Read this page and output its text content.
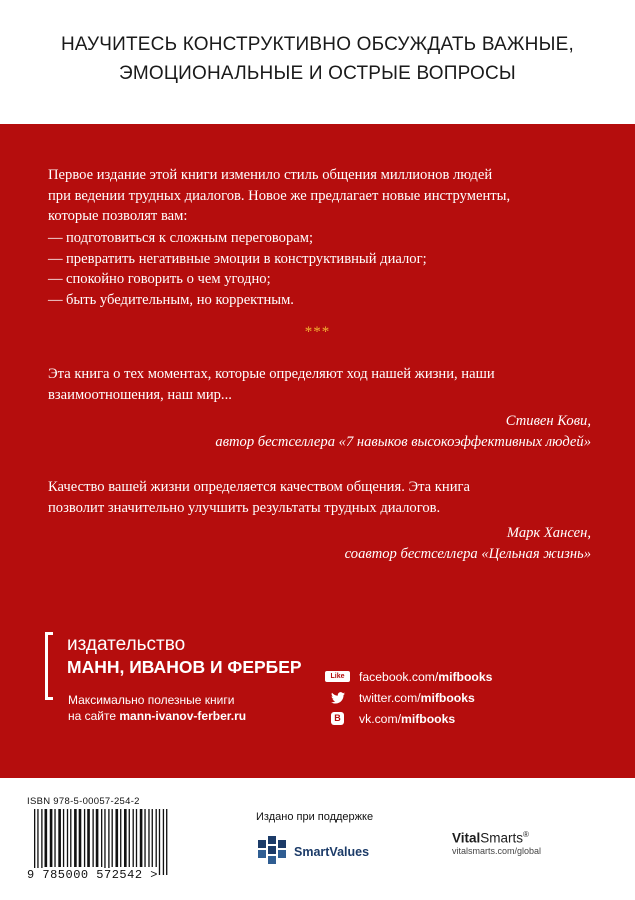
НАУЧИТЕСЬ КОНСТРУКТИВНО ОБСУЖДАТЬ ВАЖНЫЕ,
ЭМОЦИОНАЛЬНЫЕ И ОСТРЫЕ ВОПРОСЫ

Первое издание этой книги изменило стиль общения миллионов людей

при ведении трудных диалогов. Новое же предлагает новые инструменты,

которые позволят вам:

— подготовиться к сложным переговорам;
— превратить негативные эмоции в конструктивный диалог;
— спокойно говорить о чем угодно;
— быть убедительным, но корректным.
***

Эта книга о тех моментах, которые определяют ход нашей жизни, наши

взаимоотношения, наш мир...

Стивен Кови,
автор бестселлера «7 навыков высокоэффективных людей»

Качество вашей жизни определяется качеством общения. Эта книга

позволит значительно улучшить результаты трудных диалогов.

Марк Хансен,
соавтор бестселлера «Цельная жизнь»
издательство
МАНН, ИВАНОВ И ФЕРБЕР
Максимально полезные книги
на сайте mann-ivanov-ferber.ru
Like	facebook.com/mifbooks
twitter.com/mifbooks
B vk.com/mifbooks
ISBN 978-5-00057-254-2
9 785000 572542 >
Издано при поддержке
SmartValues
VitalSmarts®
vitalsmarts.com/global
